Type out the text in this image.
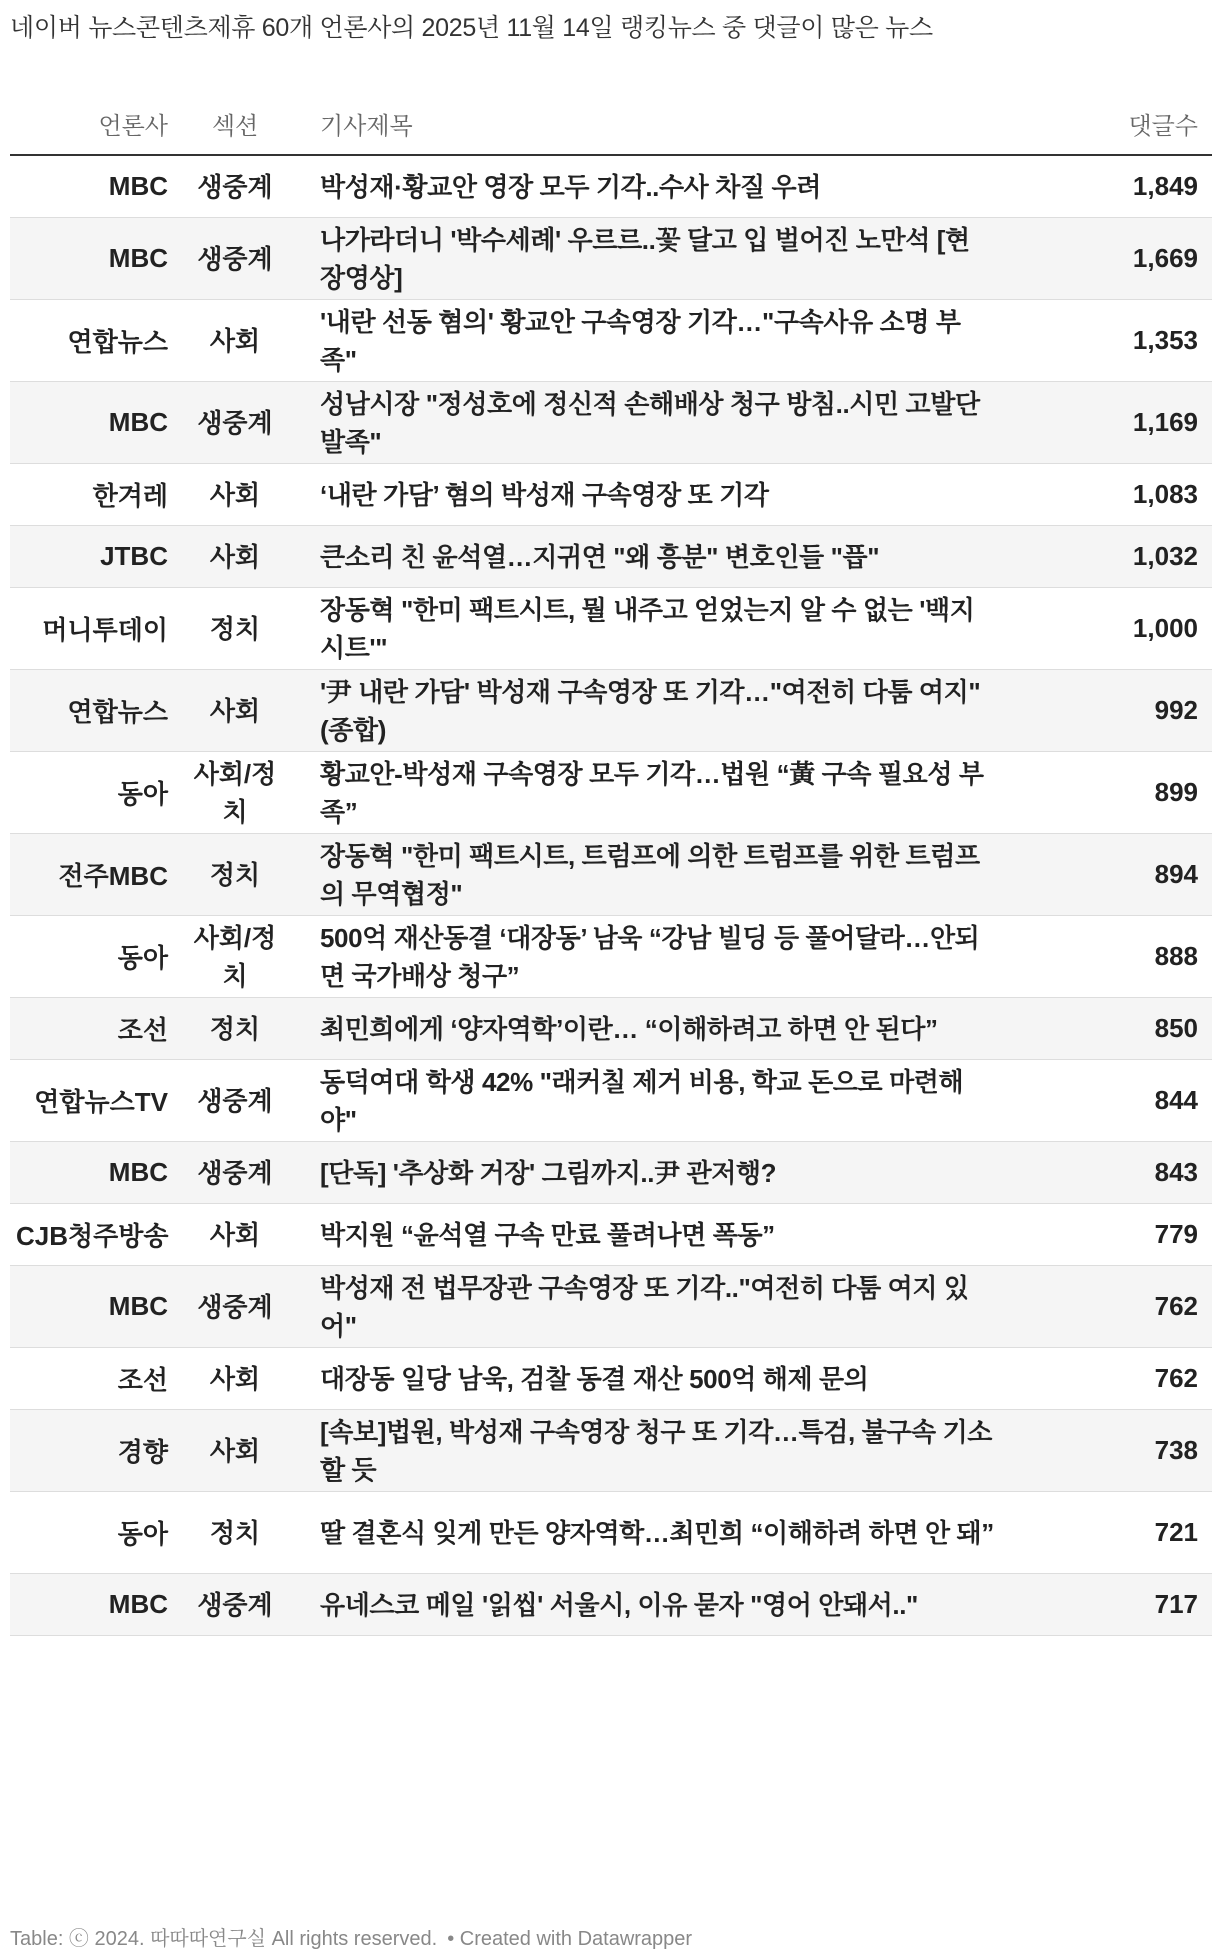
네이버 뉴스콘텐츠제휴 60개 언론사의 2025년 11월 14일 랭킹뉴스 중 댓글이 많은 뉴스
언론사	섹션	기사제목	댓글수
MBC	생중계	박성재·황교안 영장 모두 기각..수사 차질 우려	1,849
MBC	생중계	나가라더니 '박수세례' 우르르..꽃 달고 입 벌어진 노만석 [현장영상]	1,669
연합뉴스	사회	'내란 선동 혐의' 황교안 구속영장 기각…"구속사유 소명 부족"	1,353
MBC	생중계	성남시장 "정성호에 정신적 손해배상 청구 방침..시민 고발단 발족"	1,169
한겨레	사회	‘내란 가담’ 혐의 박성재 구속영장 또 기각	1,083
JTBC	사회	큰소리 친 윤석열…지귀연 "왜 흥분" 변호인들 "픕"	1,032
머니투데이	정치	장동혁 "한미 팩트시트, 뭘 내주고 얻었는지 알 수 없는 '백지시트'"	1,000
연합뉴스	사회	'尹 내란 가담' 박성재 구속영장 또 기각…"여전히 다툼 여지"(종합)	992
동아	사회/정치	황교안-박성재 구속영장 모두 기각…법원 “黃 구속 필요성 부족”	899
전주MBC	정치	장동혁 "한미 팩트시트, 트럼프에 의한 트럼프를 위한 트럼프의 무역협정"	894
동아	사회/정치	500억 재산동결 ‘대장동’ 남욱 “강남 빌딩 등 풀어달라…안되면 국가배상 청구”	888
조선	정치	최민희에게 ‘양자역학’이란… “이해하려고 하면 안 된다”	850
연합뉴스TV	생중계	동덕여대 학생 42% "래커칠 제거 비용, 학교 돈으로 마련해야"	844
MBC	생중계	[단독] '추상화 거장' 그림까지..尹 관저행?	843
CJB청주방송	사회	박지원 “윤석열 구속 만료 풀려나면 폭동”	779
MBC	생중계	박성재 전 법무장관 구속영장 또 기각.."여전히 다툼 여지 있어"	762
조선	사회	대장동 일당 남욱, 검찰 동결 재산 500억 해제 문의	762
경향	사회	[속보]법원, 박성재 구속영장 청구 또 기각…특검, 불구속 기소할 듯	738
동아	정치	딸 결혼식 잊게 만든 양자역학…최민희 “이해하려 하면 안 돼”	721
MBC	생중계	유네스코 메일 '읽씹' 서울시, 이유 묻자 "영어 안돼서.."	717
Table: ⓒ 2024. 따따따연구실 All rights reserved. • Created with Datawrapper
